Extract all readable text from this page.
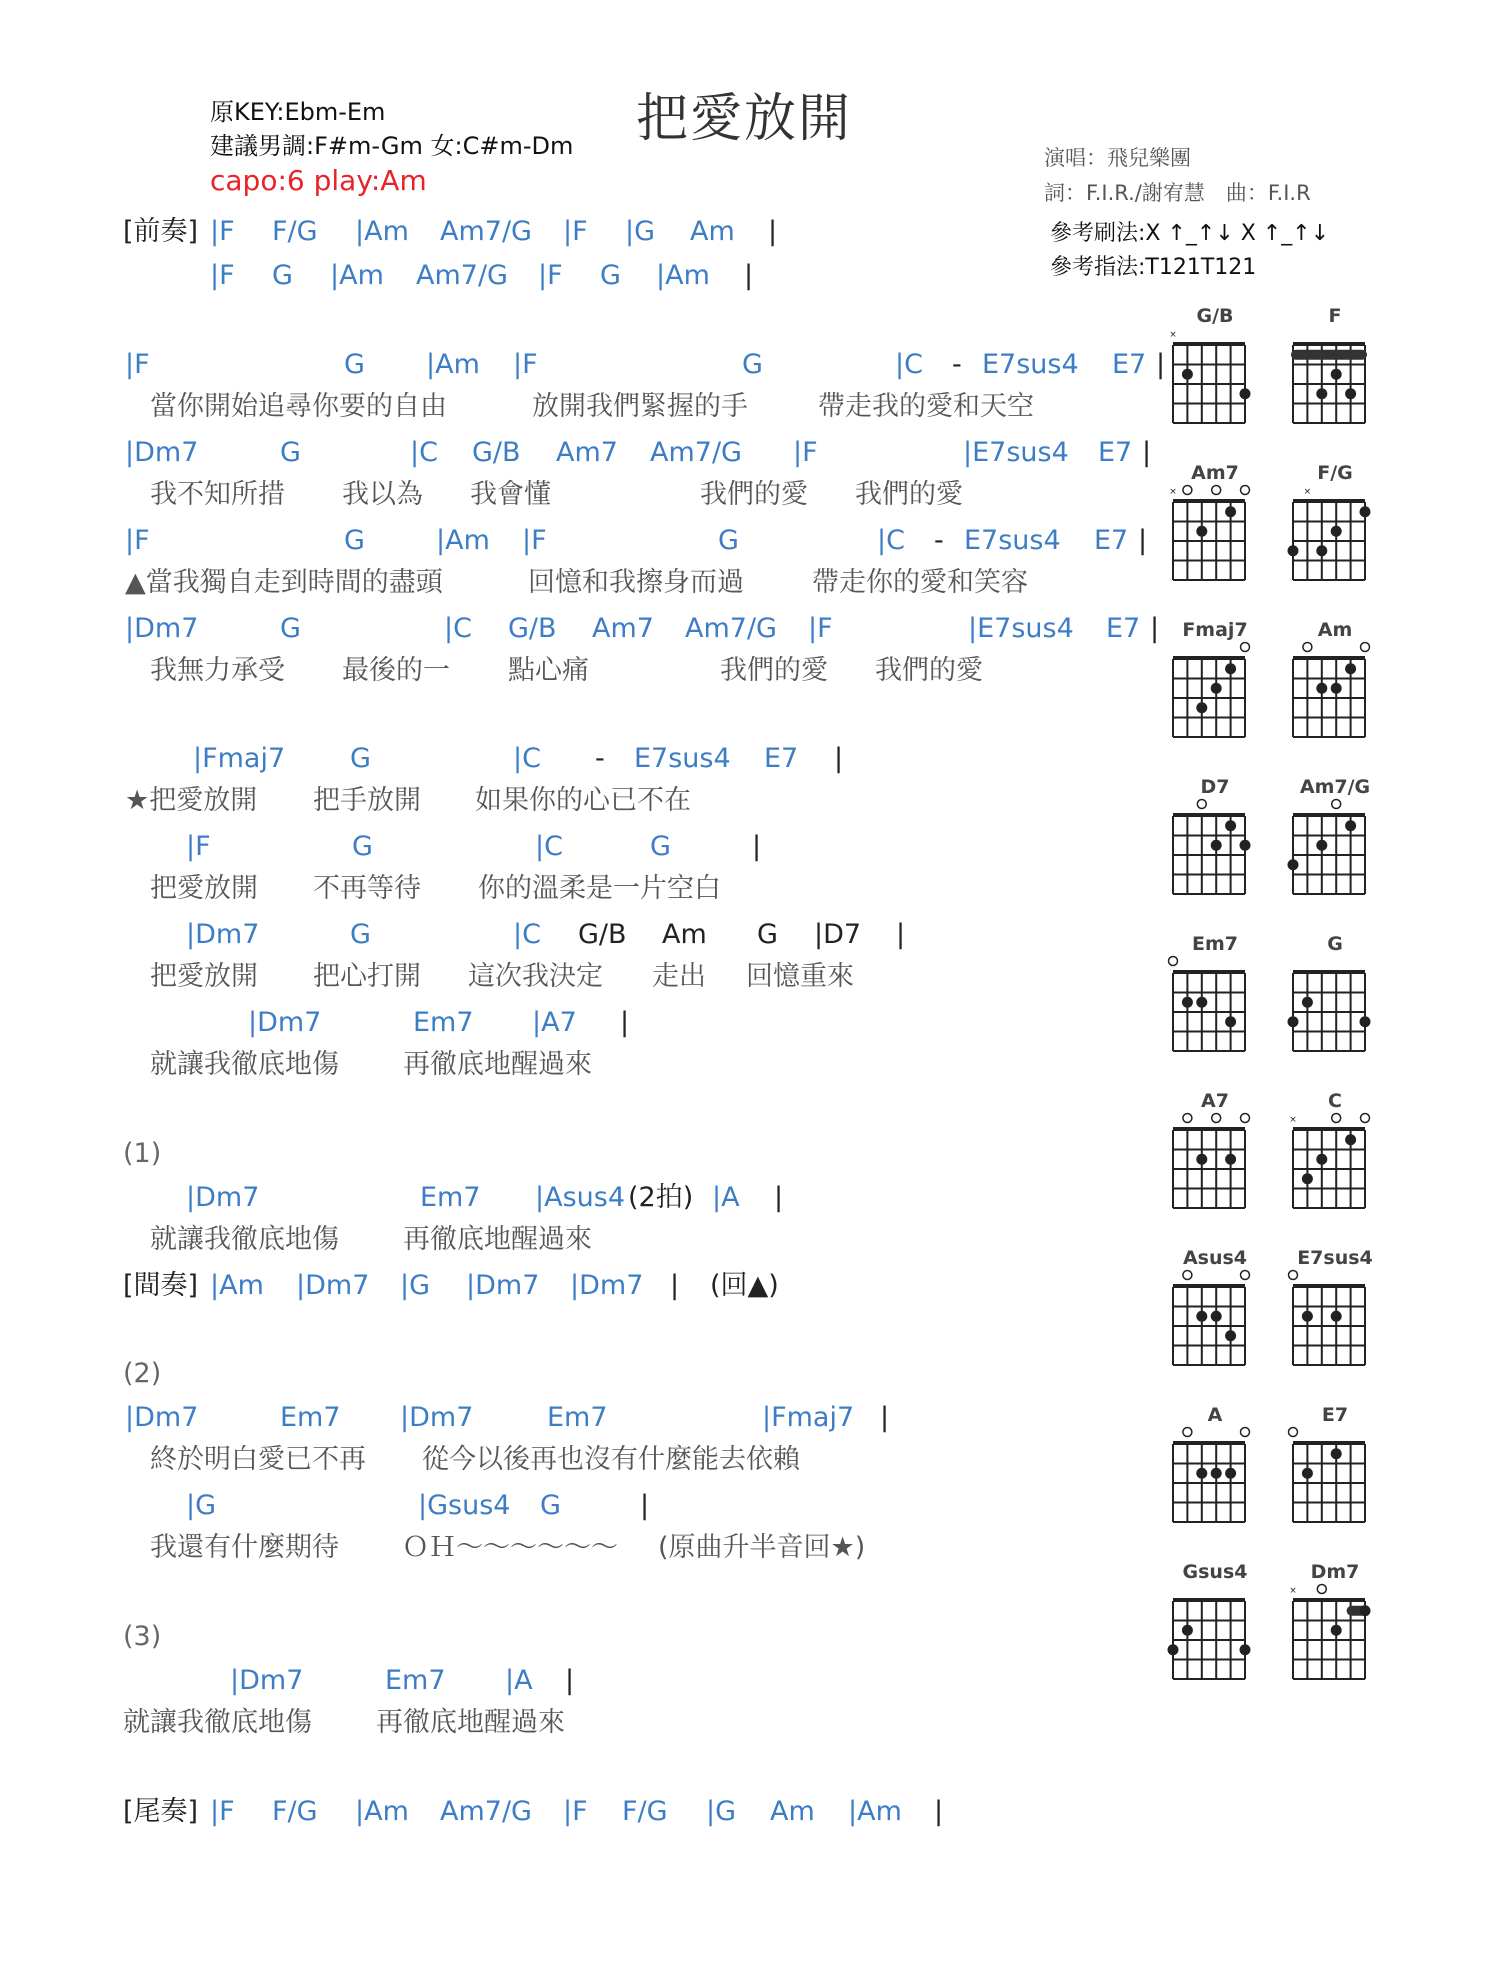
原KEY:Ebm-Em
建議男調:F#m-Gm 女:C#m-Dm
capo:6 play:Am
把愛放開
演唱：飛兒樂團
詞：F.I.R./謝宥慧　曲：F.I.R
參考刷法:X ↑_↑↓ X ↑_↑↓
參考指法:T121T121
[前奏] |F F/G |Am Am7/G |F |G Am |
|F G |Am Am7/G |F G |Am |
|F	G |Am |F	G	|C - E7sus4 E7 |
當你開始追尋你要的自由	放開我們緊握的手	帶走我的愛和天空
|Dm7	G	|C G/B Am7 Am7/G |F	|E7sus4 E7 |
我不知所措 我以為 我會懂	我們的愛 我們的愛
|F	G	|Am |F	G	|C - E7sus4 E7 |
▲當我獨自走到時間的盡頭	回憶和我擦身而過	帶走你的愛和笑容
|Dm7	G	|C G/B Am7 Am7/G |F	|E7sus4 E7 |
我無力承受 最後的一 點心痛	我們的愛 我們的愛
|Fmaj7 G	|C - E7sus4 E7 |
★把愛放開 把手放開 如果你的心已不在
|F	G	|C	G	|
把愛放開 不再等待 你的溫柔是一片空白
|Dm7	G	|C G/B Am G |D7 |
把愛放開 把心打開 這次我決定 走出 回憶重來
|Dm7	Em7 |A7 |
就讓我徹底地傷 再徹底地醒過來
(1)
|Dm7	Em7 |Asus4 (2拍) |A |
就讓我徹底地傷 再徹底地醒過來
[間奏] |Am |Dm7 |G |Dm7 |Dm7 | (回▲)
(2)
|Dm7	Em7 |Dm7	Em7	|Fmaj7 |
終於明白愛已不再 從今以後再也沒有什麼能去依賴
|G	|Gsus4 G	|
我還有什麼期待 ＯＨ～～～～～～ (原曲升半音回★)
(3)
|Dm7	Em7 |A |
就讓我徹底地傷 再徹底地醒過來
[尾奏] |F F/G |Am Am7/G |F F/G |G Am |Am |
G/B
×
F
Am7
×
F/G
×
Fmaj7	Am
D7	Am7/G
Em7	G
A7	C
×
Asus4	E7sus4
A	E7
Gsus4	Dm7
×
